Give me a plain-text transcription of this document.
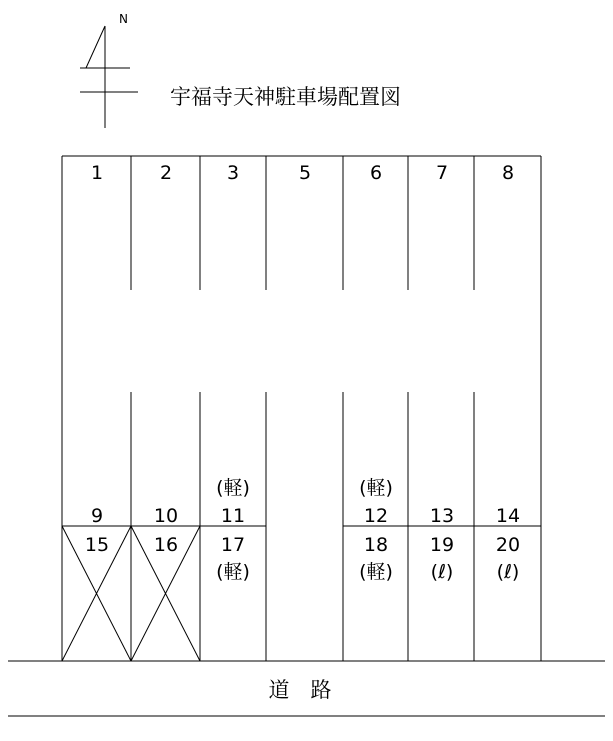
N
宇福寺天神駐車場配置図
道　路
1	2	3	5	6	7	8
(軽)	(軽)
9	10 11	12 13 14
15 16 17	18 19 20
(軽)	(軽) (ℓ) (ℓ)
